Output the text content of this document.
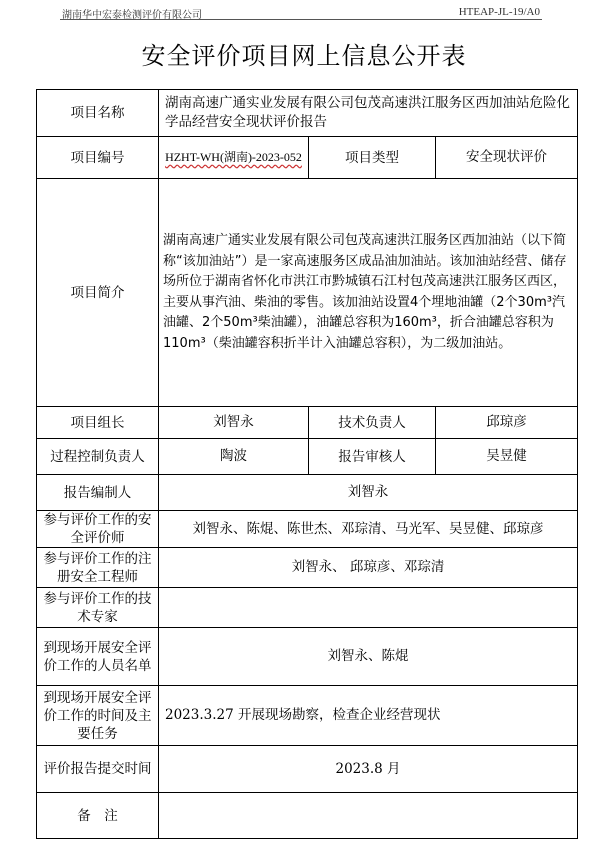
湖南华中宏泰检测评价有限公司	HTEAP-JL-19/A0
安全评价项目网上信息公开表
项目名称	湖南高速广通实业发展有限公司包茂高速洪江服务区西加油站危险化学品经营安全现状评价报告		
项目编号	HZHT-WH(湖南)-2023-052	项目类型	安全现状评价
项目简介	湖南高速广通实业发展有限公司包茂高速洪江服务区西加油站（以下简称“该加油站”）是一家高速服务区成品油加油站。该加油站经营、储存场所位于湖南省怀化市洪江市黔城镇石江村包茂高速洪江服务区西区，主要从事汽油、柴油的零售。该加油站设置4个埋地油罐（2个30m³汽油罐、2个50m³柴油罐），油罐总容积为160m³，折合油罐总容积为110m³（柴油罐容积折半计入油罐总容积），为二级加油站。		
项目组长	刘智永	技术负责人	邱琼彦
过程控制负责人	陶波	报告审核人	吴昱健
报告编制人	刘智永		
参与评价工作的安全评价师	刘智永、陈焜、陈世杰、邓琮清、马光军、吴昱健、邱琼彦		
参与评价工作的注册安全工程师	刘智永、 邱琼彦、邓琮清		
参与评价工作的技术专家			
到现场开展安全评价工作的人员名单	刘智永、陈焜		
到现场开展安全评价工作的时间及主要任务	2023.3.27 开展现场勘察，检查企业经营现状		
评价报告提交时间	2023.8 月		
备　注			
